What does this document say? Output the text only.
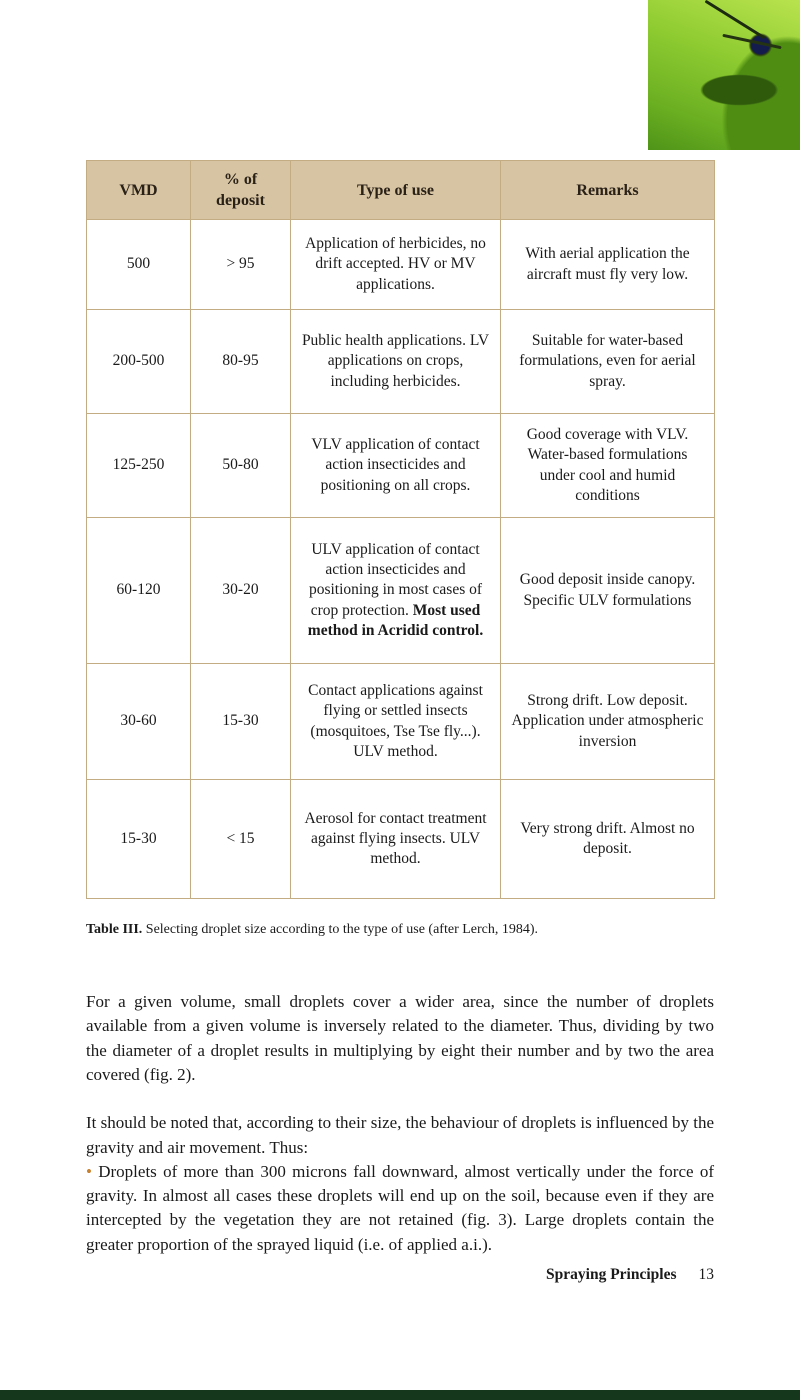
VMD	% of deposit	Type of use	Remarks
500	> 95	Application of herbicides, no drift accepted. HV or MV applications.	With aerial application the aircraft must fly very low.
200-500	80-95	Public health applications. LV applications on crops, including herbicides.	Suitable for water-based formulations, even for aerial spray.
125-250	50-80	VLV application of contact action insecticides and positioning on all crops.	Good coverage with VLV. Water-based formulations under cool and humid conditions
60-120	30-20	ULV application of contact action insecticides and positioning in most cases of crop protection. Most used method in Acridid control.	Good deposit inside canopy. Specific ULV formulations
30-60	15-30	Contact applications against flying or settled insects (mosquitoes, Tse Tse fly...). ULV method.	Strong drift. Low deposit. Application under atmospheric inversion
15-30	< 15	Aerosol for contact treatment against flying insects. ULV method.	Very strong drift. Almost no deposit.

Table III. Selecting droplet size according to the type of use (after Lerch, 1984).

For a given volume, small droplets cover a wider area, since the number of droplets available from a given volume is inversely related to the diameter. Thus, dividing by two the diameter of a droplet results in multiplying by eight their number and by two the area covered (fig. 2).

It should be noted that, according to their size, the behaviour of droplets is influenced by the gravity and air movement. Thus:
• Droplets of more than 300 microns fall downward, almost vertically under the force of gravity. In almost all cases these droplets will end up on the soil, because even if they are intercepted by the vegetation they are not retained (fig. 3). Large droplets contain the greater proportion of the sprayed liquid (i.e. of applied a.i.).

Spraying Principles 13
